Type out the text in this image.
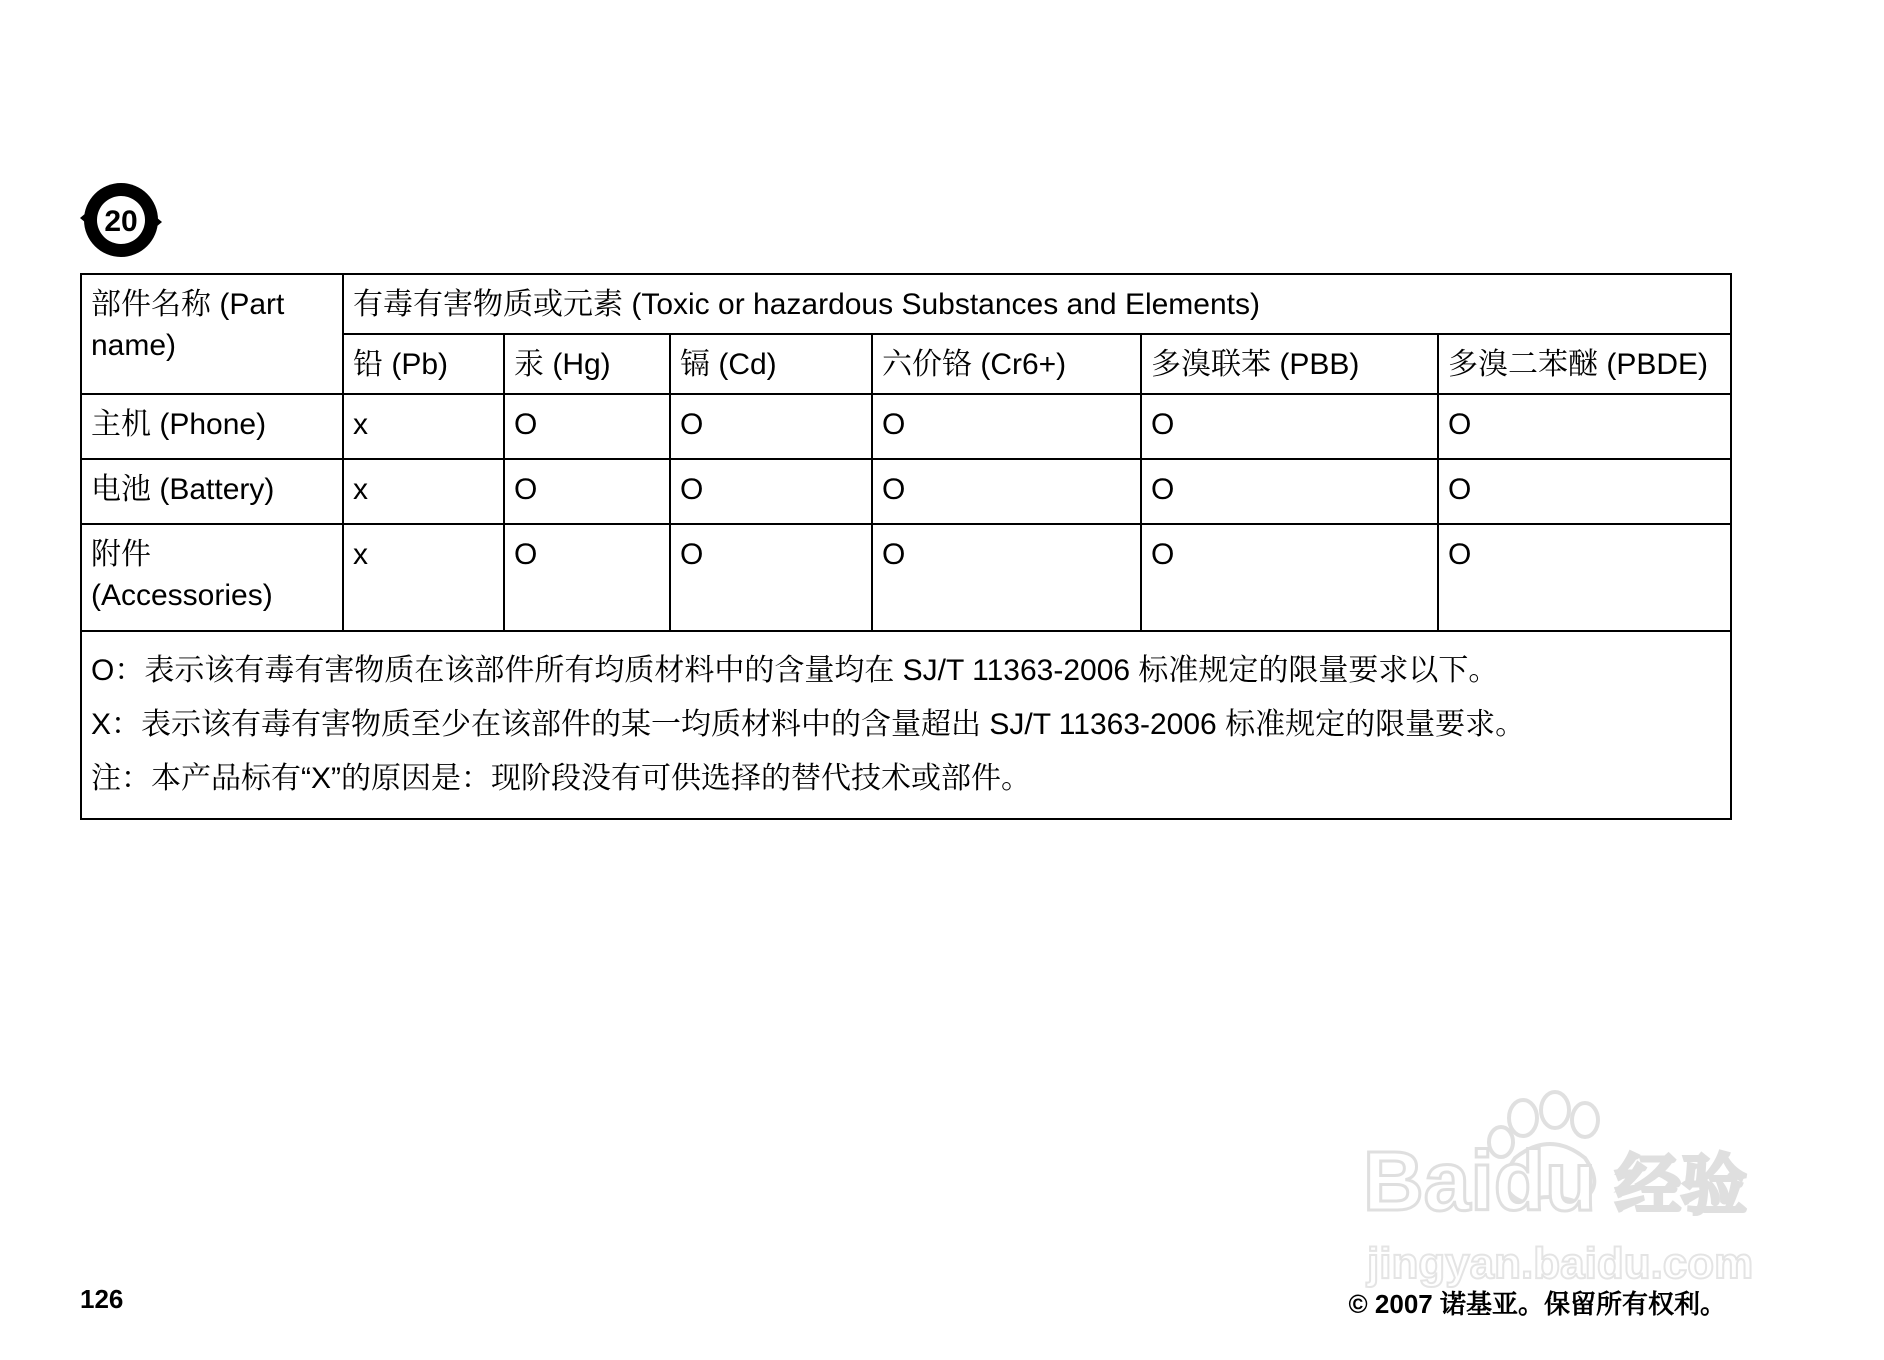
20
部件名称 (Part name)	有毒有害物质或元素 (Toxic or hazardous Substances and Elements)					
	铅 (Pb)	汞 (Hg)	镉 (Cd)	六价铬 (Cr6+)	多溴联苯 (PBB)	多溴二苯醚 (PBDE)
主机 (Phone)	x	O	O	O	O	O
电池 (Battery)	x	O	O	O	O	O
附件 (Accessories)	x	O	O	O	O	O

O：表示该有毒有害物质在该部件所有均质材料中的含量均在 SJ/T 11363-2006 标准规定的限量要求以下。
X：表示该有毒有害物质至少在该部件的某一均质材料中的含量超出 SJ/T 11363-2006 标准规定的限量要求。
注：本产品标有“X”的原因是：现阶段没有可供选择的替代技术或部件。						
126	© 2007 诺基亚。保留所有权利。
Baidu 经验
jingyan.baidu.com
